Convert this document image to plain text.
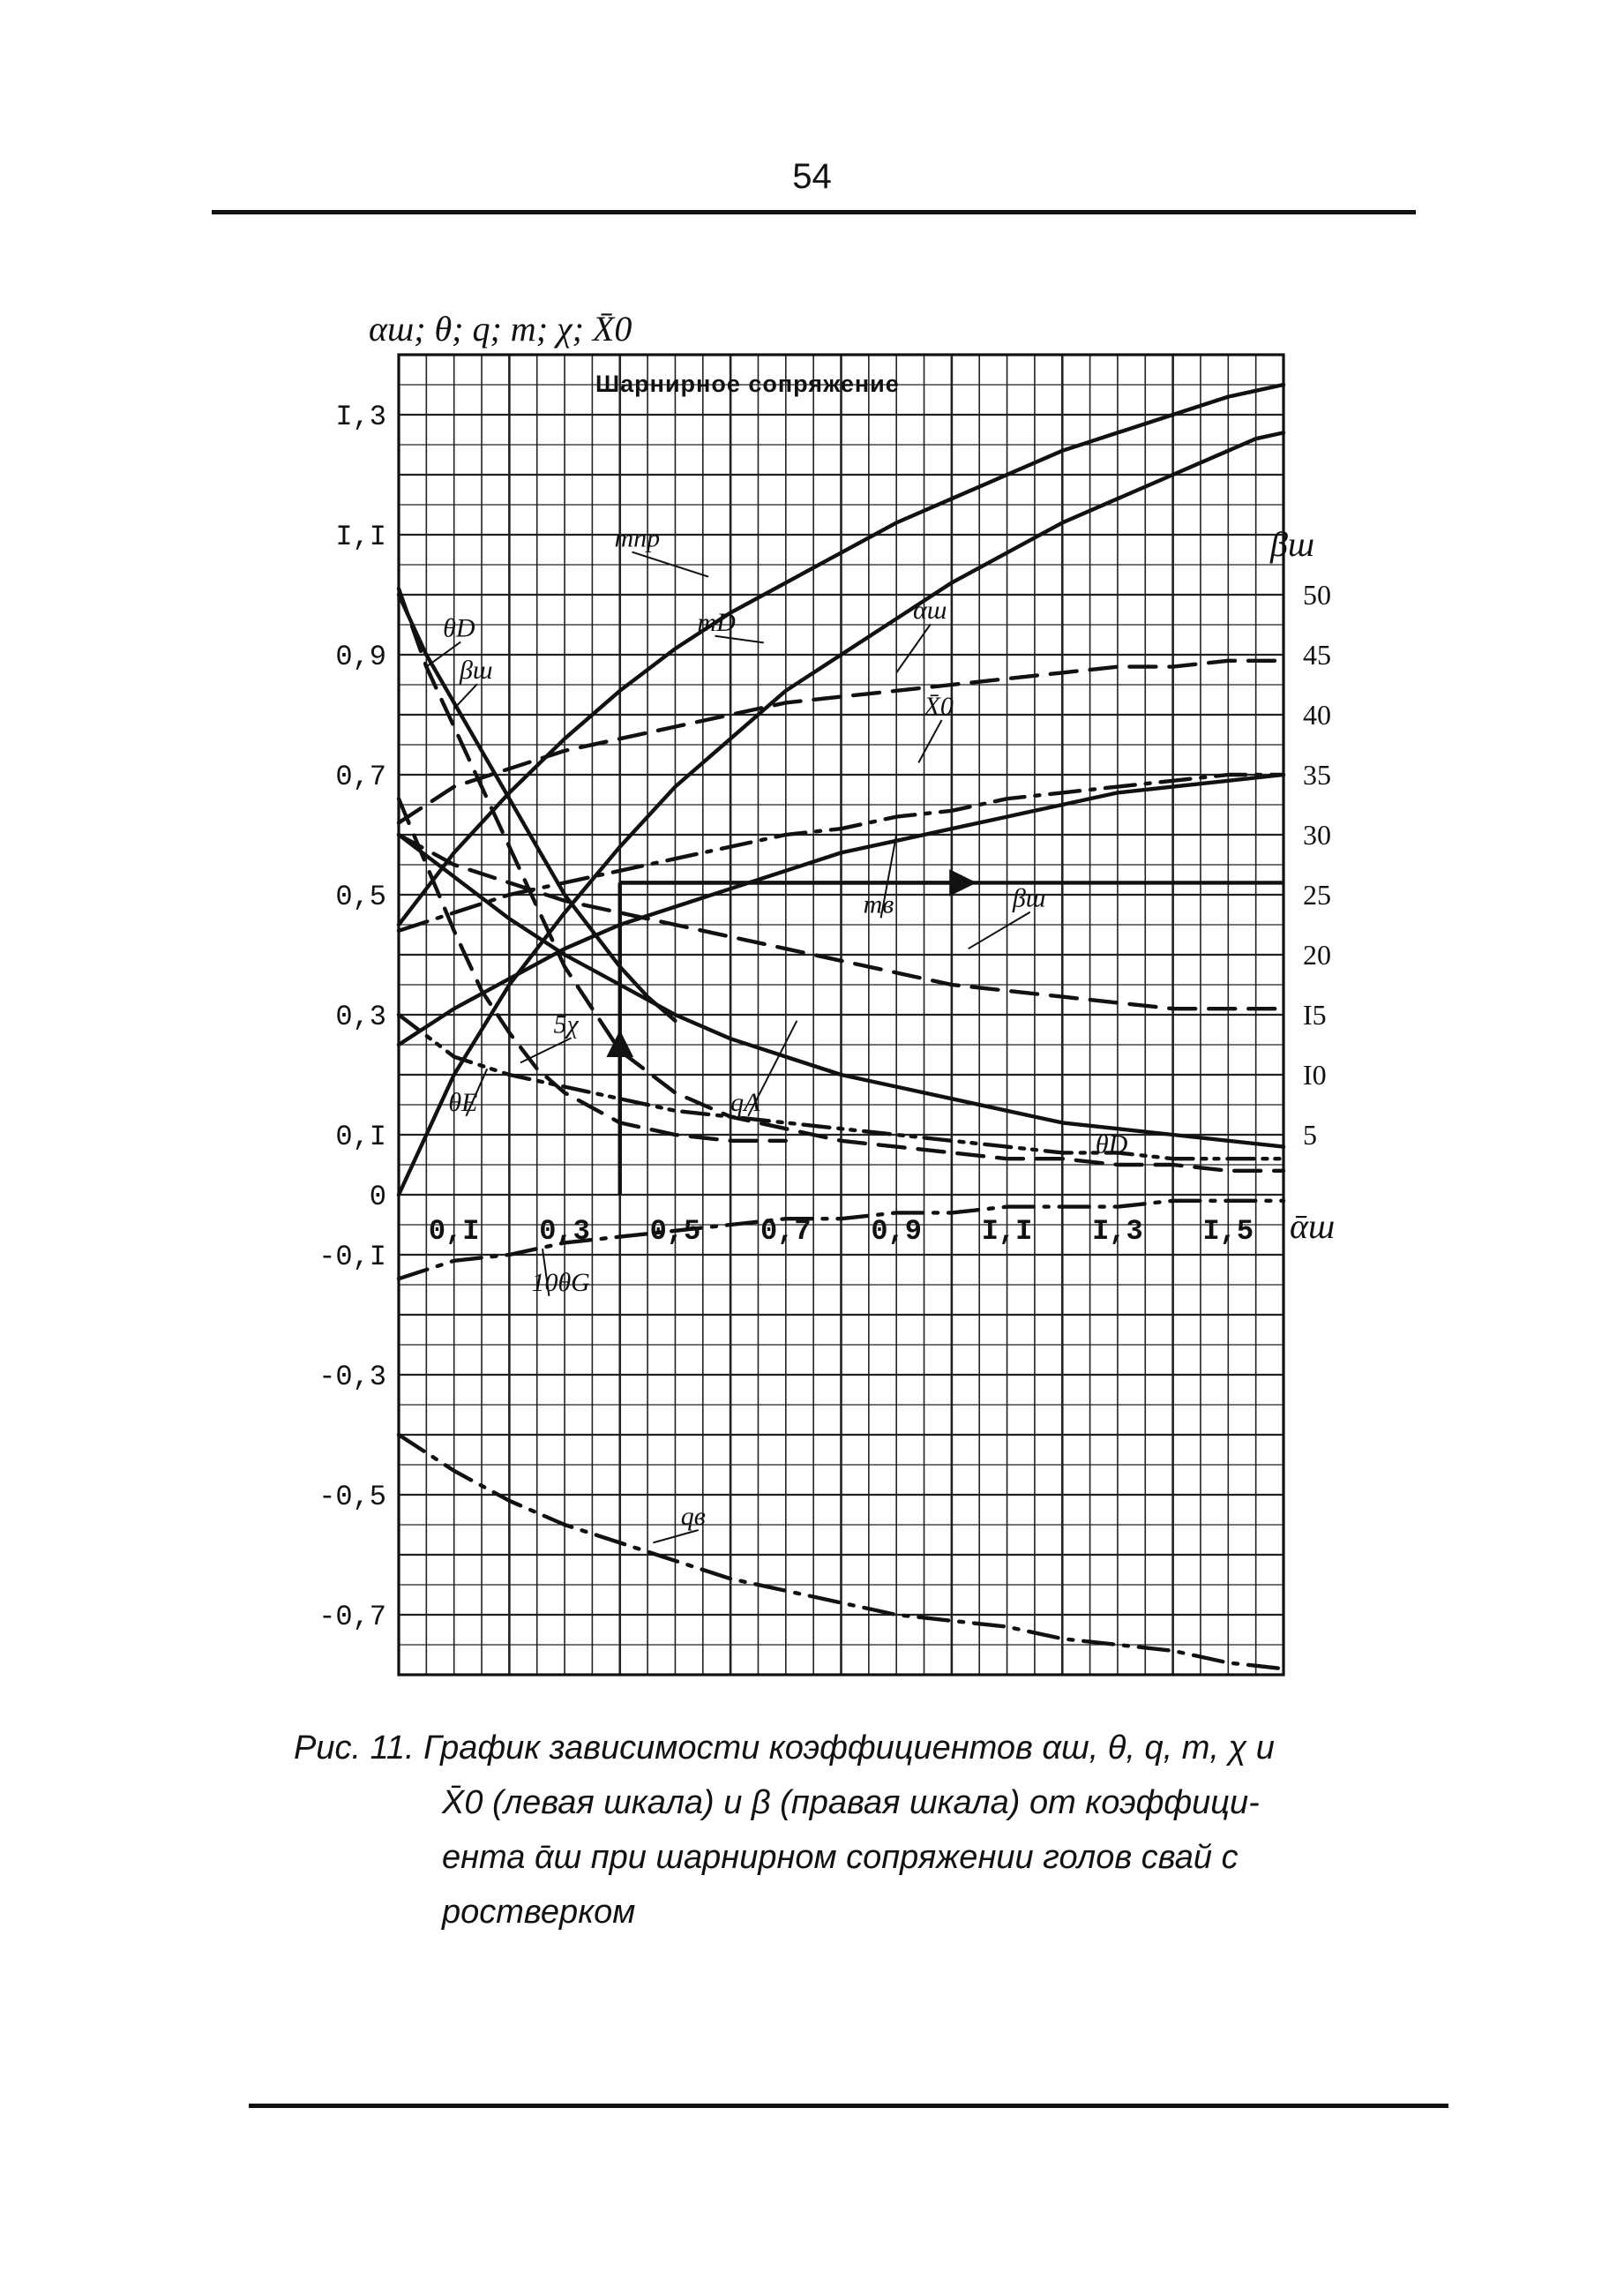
54
αш; θ; q; m; χ; X̄0
βш
ᾱш
Шарнирное сопряжение
I,3
I,I
0,9
0,7
0,5
0,3
0,I
0
-0,I
-0,3
-0,5
-0,7
50
45
40
35
30
25
20
I5
I0
5
0,I 0,3 0,5 0,7 0,9 I,I I,3 I,5
mпр
mD
mв
X̄0
αш
βш
θD
βш
θE
5χ
qA
10θG
qв
θD

Рис. 11. График зависимости коэффициентов αш, θ, q, m, χ и

X̄0 (левая шкала) и β (правая шкала) от коэффици-

ента ᾱш при шарнирном сопряжении голов свай с

ростверком
